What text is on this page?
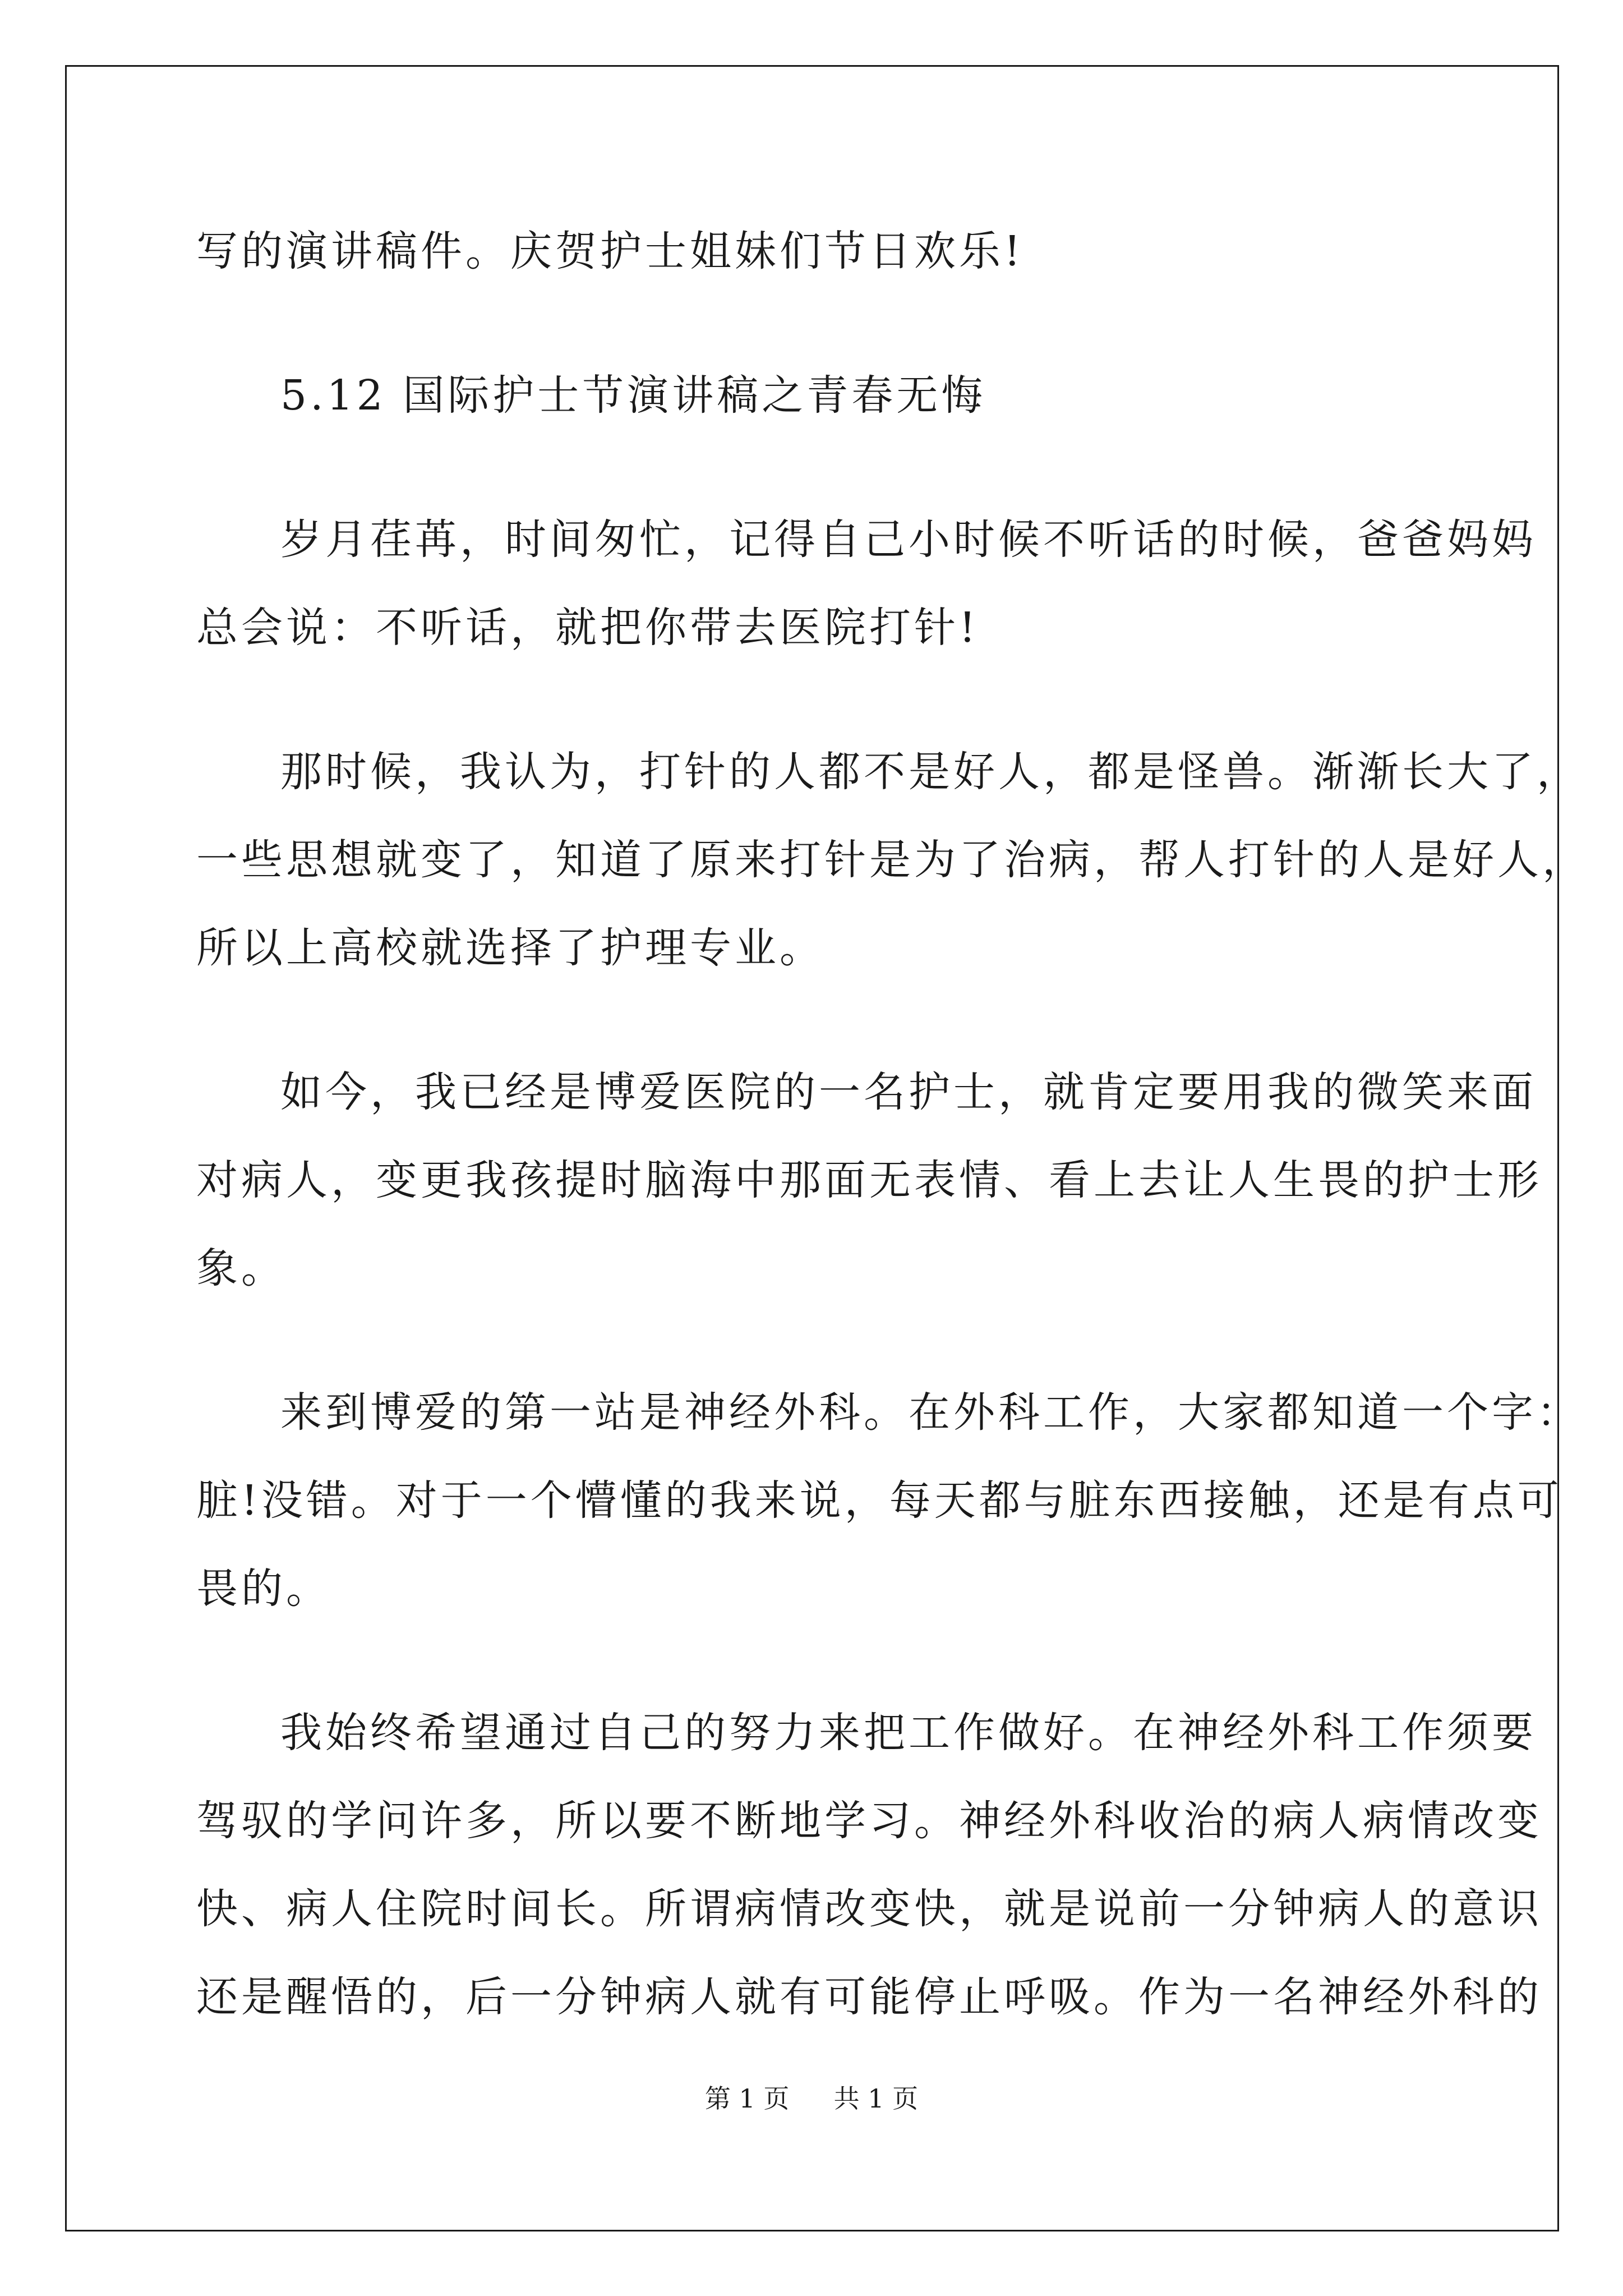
写的演讲稿件。庆贺护士姐妹们节日欢乐!
5.12 国际护士节演讲稿之青春无悔
岁月荏苒，时间匆忙，记得自己小时候不听话的时候，爸爸妈妈
总会说：不听话，就把你带去医院打针!
那时候，我认为，打针的人都不是好人，都是怪兽。渐渐长大了，
一些思想就变了，知道了原来打针是为了治病，帮人打针的人是好人，
所以上高校就选择了护理专业。
如今，我已经是博爱医院的一名护士，就肯定要用我的微笑来面
对病人，变更我孩提时脑海中那面无表情、看上去让人生畏的护士形
象。
来到博爱的第一站是神经外科。在外科工作，大家都知道一个字：
脏!没错。对于一个懵懂的我来说，每天都与脏东西接触，还是有点可
畏的。
我始终希望通过自己的努力来把工作做好。在神经外科工作须要
驾驭的学问许多，所以要不断地学习。神经外科收治的病人病情改变
快、病人住院时间长。所谓病情改变快，就是说前一分钟病人的意识
还是醒悟的，后一分钟病人就有可能停止呼吸。作为一名神经外科的
第 1 页 共 1 页
